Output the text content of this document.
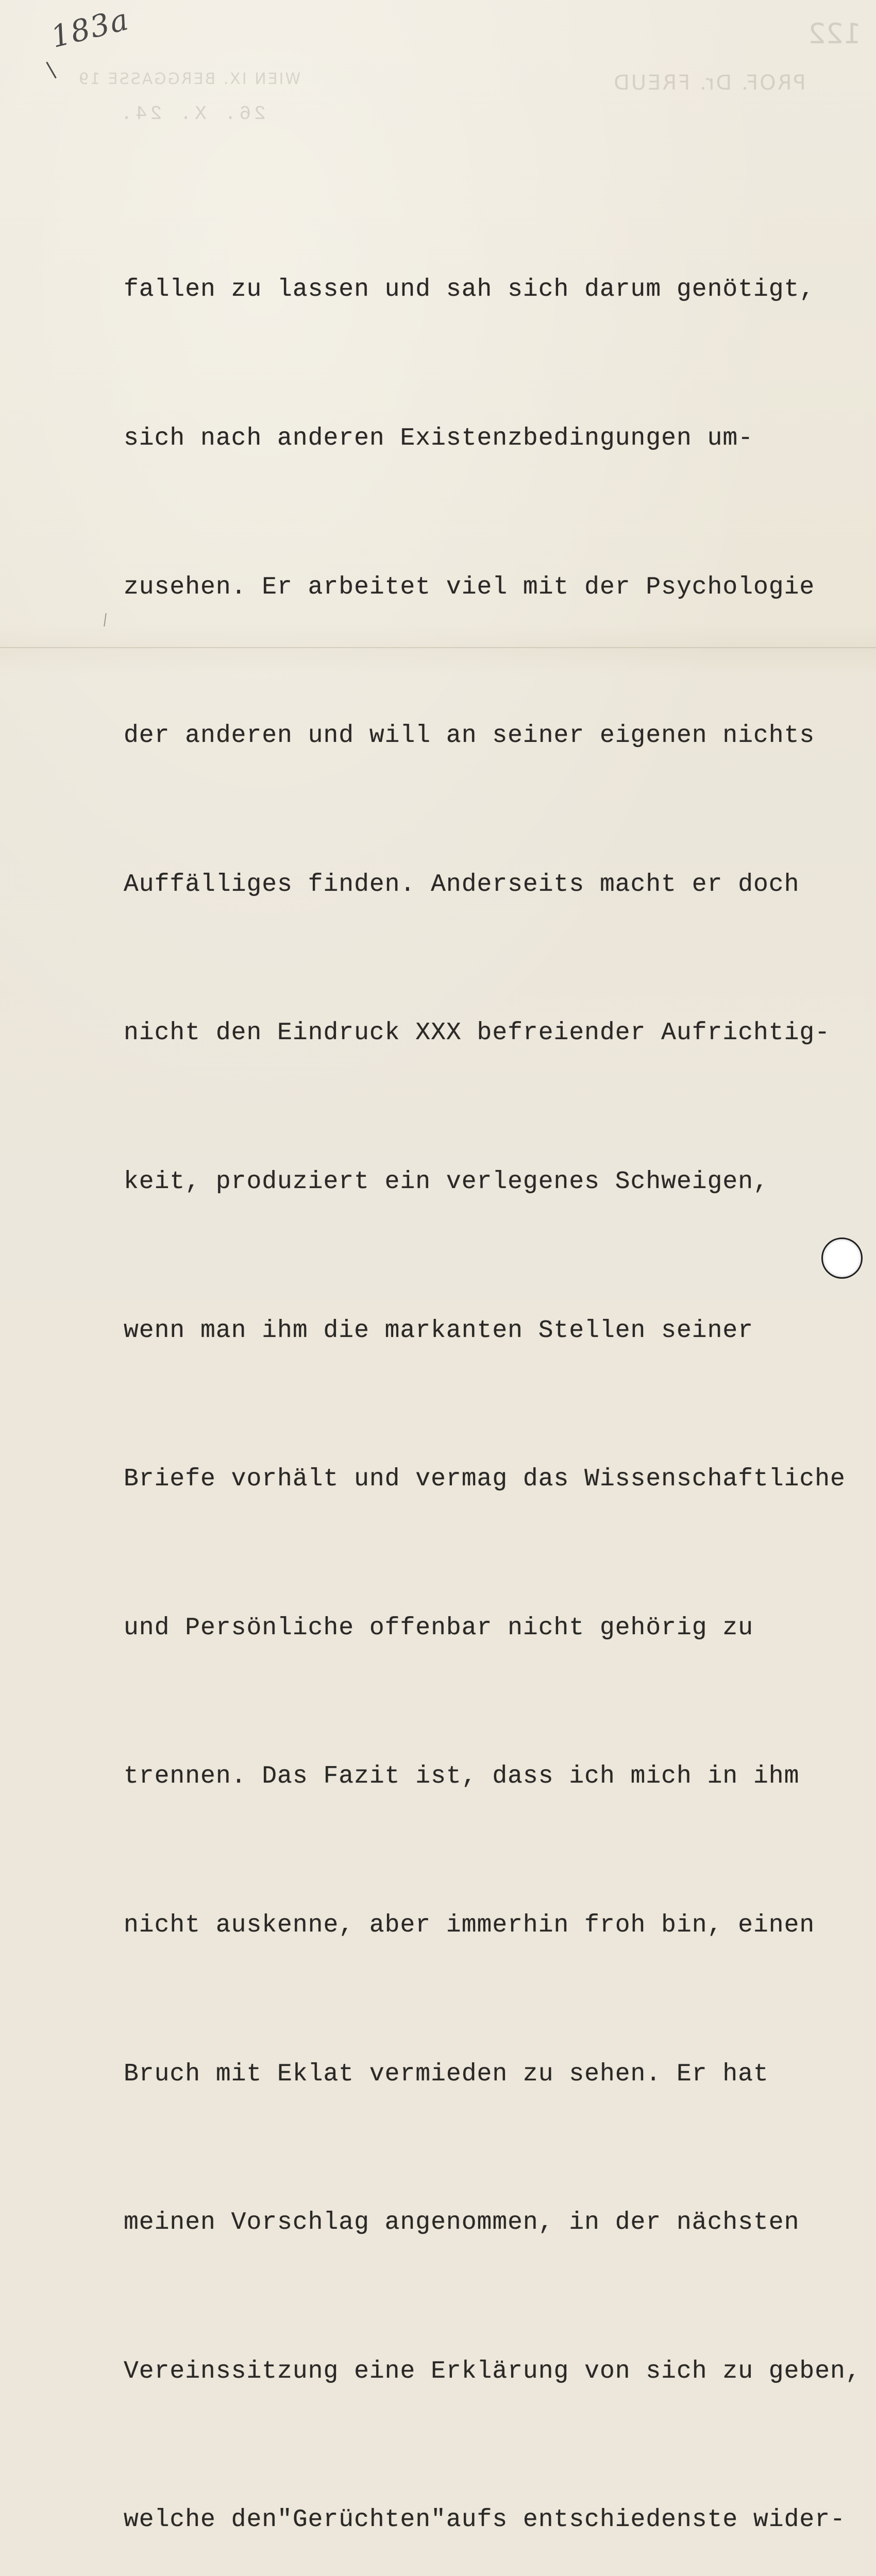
183a	122
WIEN IX. BERGGASSE 19	PROF. Dr. FREUD
26. X. 24.

fallen zu lassen und sah sich darum genötigt,

sich nach anderen Existenzbedingungen um-

zusehen. Er arbeitet viel mit der Psychologie

der anderen und will an seiner eigenen nichts

Auffälliges finden. Anderseits macht er doch

nicht den Eindruck XXX befreiender Aufrichtig-

keit, produziert ein verlegenes Schweigen,

wenn man ihm die markanten Stellen seiner

Briefe vorhält und vermag das Wissenschaftliche

und Persönliche offenbar nicht gehörig zu

trennen. Das Fazit ist, dass ich mich in ihm

nicht auskenne, aber immerhin froh bin, einen

Bruch mit Eklat vermieden zu sehen. Er hat

meinen Vorschlag angenommen, in der nächsten

Vereinssitzung eine Erklärung von sich zu geben,

welche den"Gerüchten"aufs entschiedenste wider-
